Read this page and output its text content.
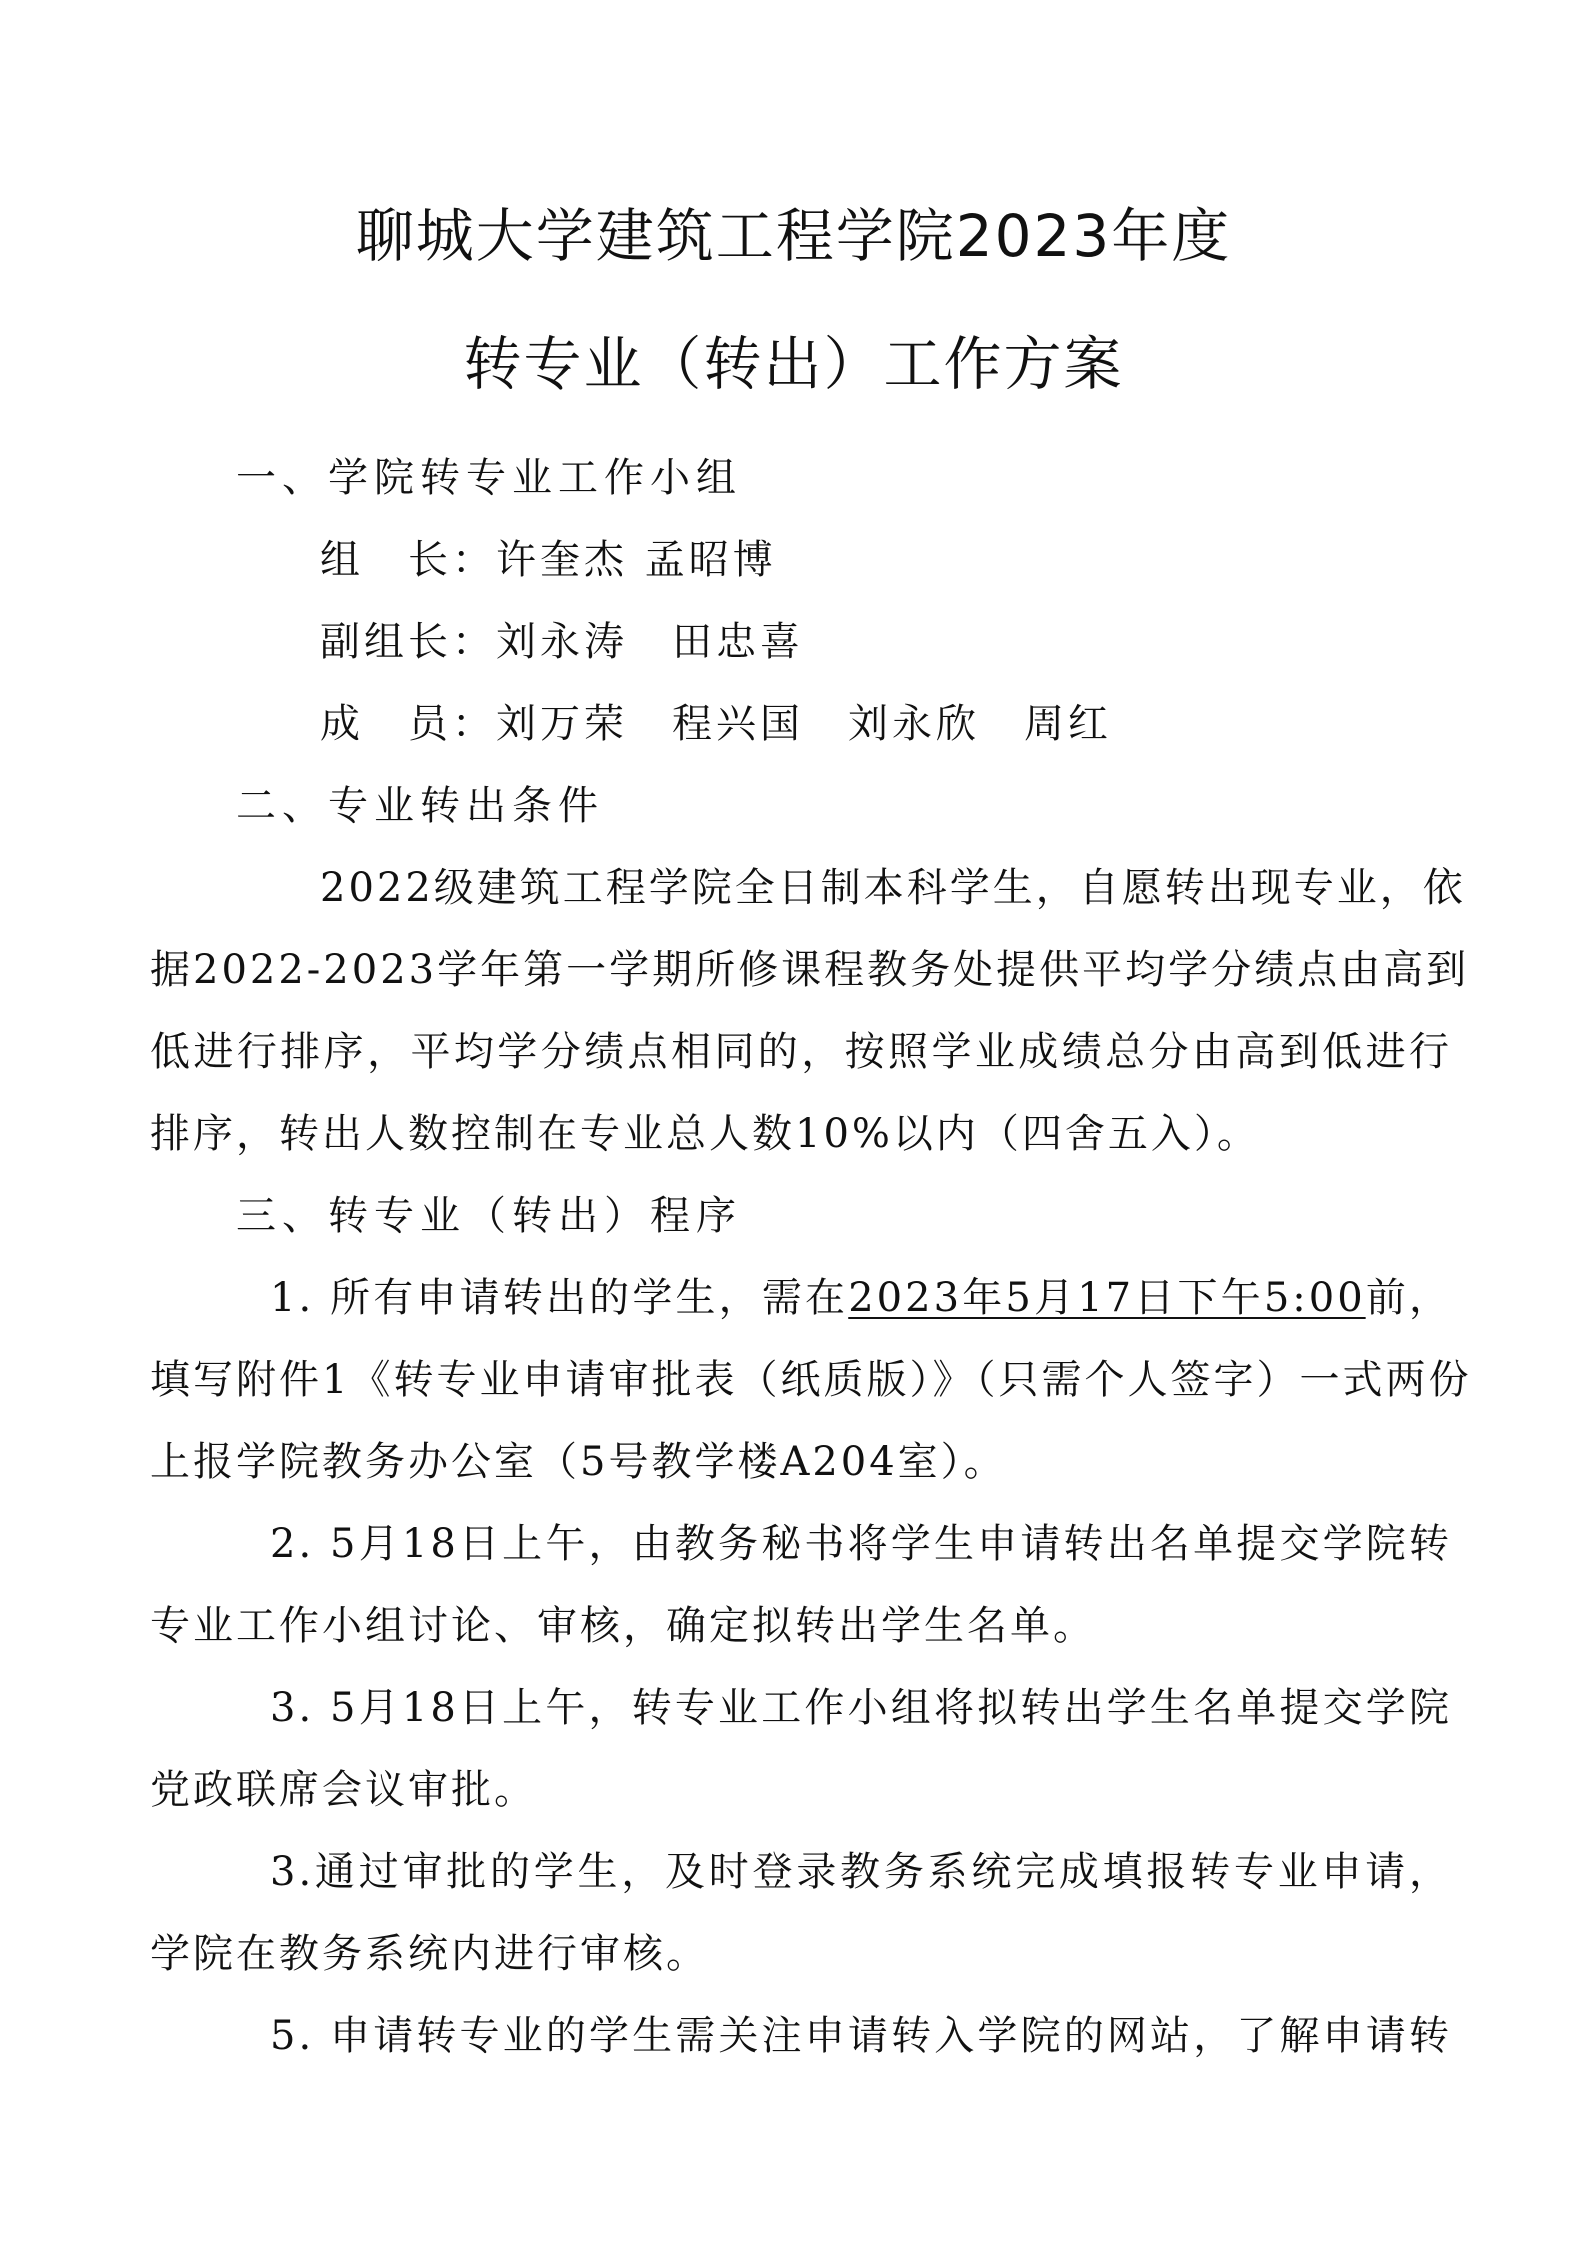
聊城大学建筑工程学院2023年度
转专业（转出）工作方案

一、学院转专业工作小组

组　长：许奎杰 孟昭博

副组长：刘永涛　田忠喜

成　员：刘万荣　程兴国　刘永欣　周红

二、专业转出条件

2022级建筑工程学院全日制本科学生，自愿转出现专业，依

据2022-2023学年第一学期所修课程教务处提供平均学分绩点由高到

低进行排序，平均学分绩点相同的，按照学业成绩总分由高到低进行

排序，转出人数控制在专业总人数10%以内（四舍五入）。

三、转专业（转出）程序

1. 所有申请转出的学生，需在2023年5月17日下午5:00前，

填写附件1《转专业申请审批表（纸质版）》（只需个人签字）一式两份

上报学院教务办公室（5号教学楼A204室）。

2. 5月18日上午，由教务秘书将学生申请转出名单提交学院转

专业工作小组讨论、审核，确定拟转出学生名单。

3. 5月18日上午，转专业工作小组将拟转出学生名单提交学院

党政联席会议审批。

3.通过审批的学生，及时登录教务系统完成填报转专业申请，

学院在教务系统内进行审核。

5. 申请转专业的学生需关注申请转入学院的网站，了解申请转
